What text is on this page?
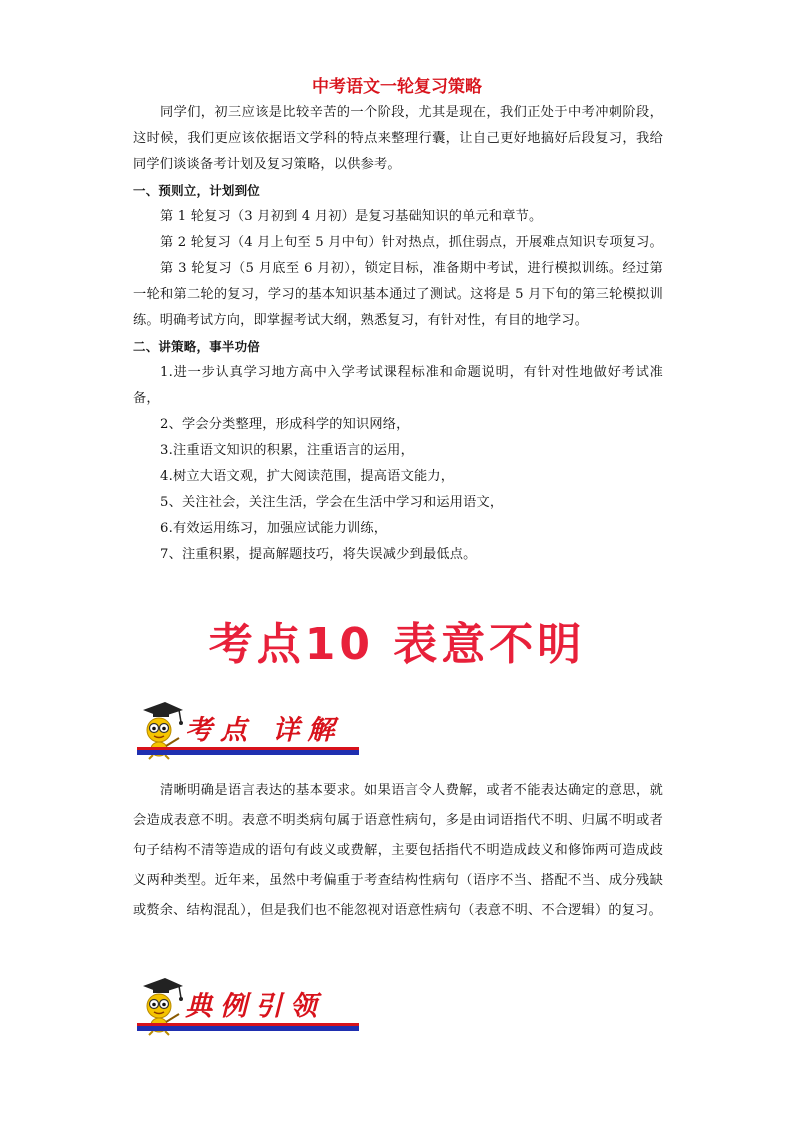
中考语文一轮复习策略

同学们，初三应该是比较辛苦的一个阶段，尤其是现在，我们正处于中考冲刺阶段，这时候，我们更应该依据语文学科的特点来整理行囊，让自己更好地搞好后段复习，我给同学们谈谈备考计划及复习策略，以供参考。

一、预则立，计划到位

第 1 轮复习（3 月初到 4 月初）是复习基础知识的单元和章节。

第 2 轮复习（4 月上旬至 5 月中旬）针对热点，抓住弱点，开展难点知识专项复习。

第 3 轮复习（5 月底至 6 月初），锁定目标，准备期中考试，进行模拟训练。经过第一轮和第二轮的复习，学习的基本知识基本通过了测试。这将是 5 月下旬的第三轮模拟训练。明确考试方向，即掌握考试大纲，熟悉复习，有针对性，有目的地学习。

二、讲策略，事半功倍

1.进一步认真学习地方高中入学考试课程标准和命题说明，有针对性地做好考试准备，

2、学会分类整理，形成科学的知识网络，

3.注重语文知识的积累，注重语言的运用，

4.树立大语文观，扩大阅读范围，提高语文能力，

5、关注社会，关注生活，学会在生活中学习和运用语文，

6.有效运用练习，加强应试能力训练，

7、注重积累，提高解题技巧，将失误减少到最低点。

考点10 表意不明
考点 详解

清晰明确是语言表达的基本要求。如果语言令人费解，或者不能表达确定的意思，就会造成表意不明。表意不明类病句属于语意性病句，多是由词语指代不明、归属不明或者句子结构不清等造成的语句有歧义或费解，主要包括指代不明造成歧义和修饰两可造成歧义两种类型。近年来，虽然中考偏重于考查结构性病句（语序不当、搭配不当、成分残缺或赘余、结构混乱），但是我们也不能忽视对语意性病句（表意不明、不合逻辑）的复习。

典例引领
